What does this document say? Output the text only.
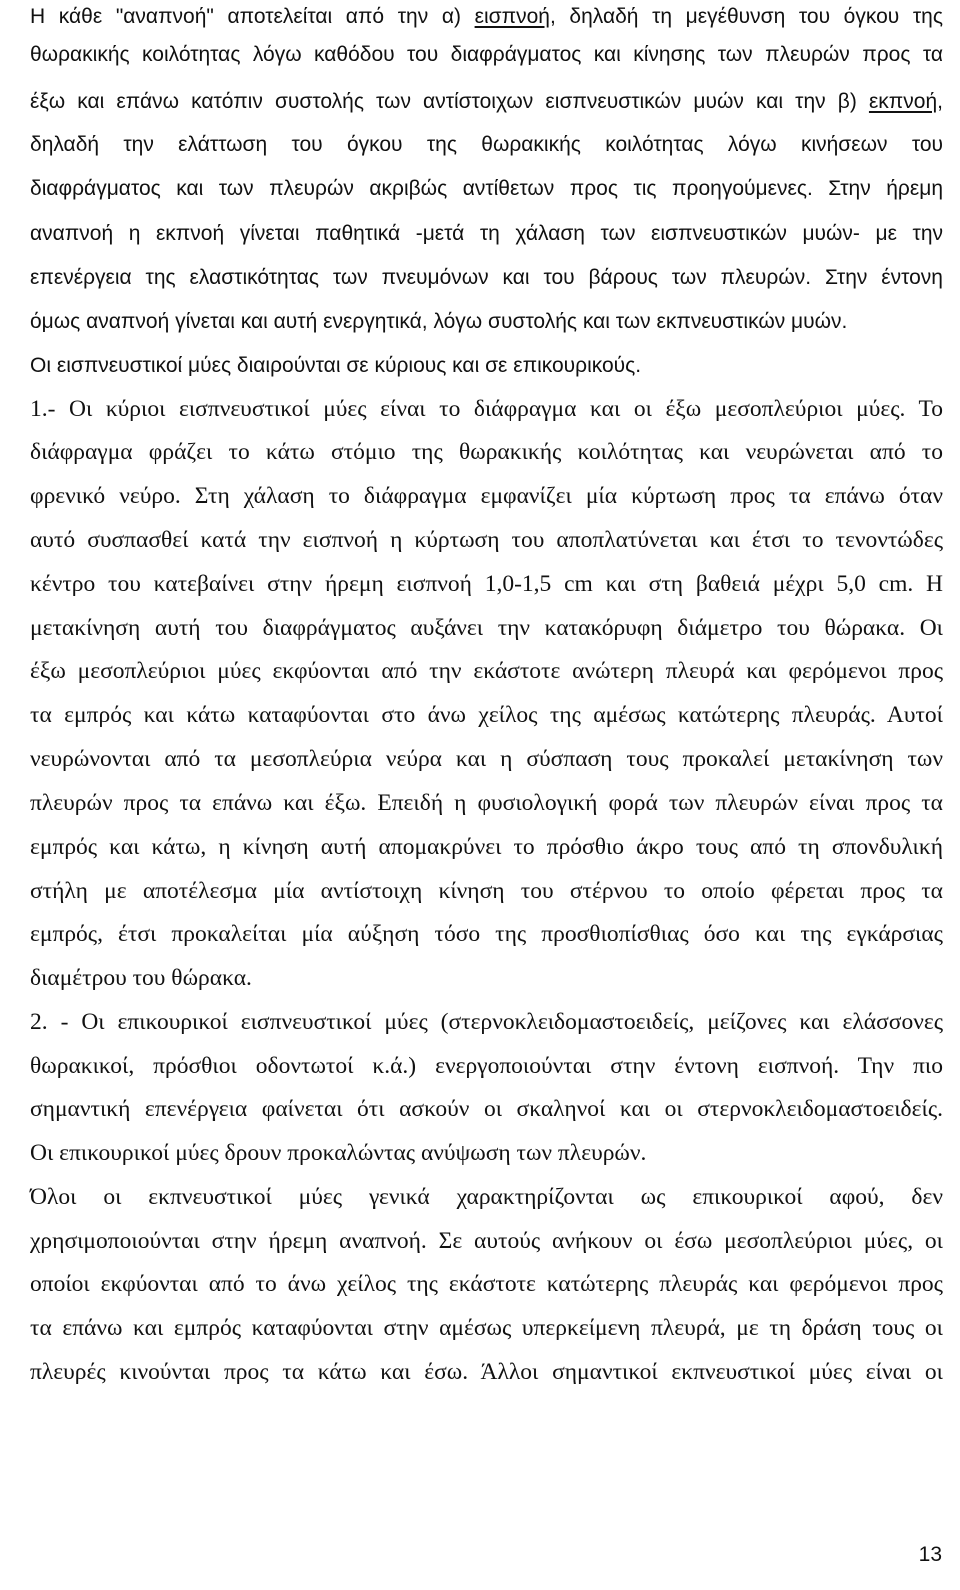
Η κάθε "αναπνοή" αποτελείται από την α) εισπνοή, δηλαδή τη μεγέθυνση του όγκου της
θωρακικής κοιλότητας λόγω καθόδου του διαφράγματος και κίνησης των πλευρών προς τα
έξω και επάνω κατόπιν συστολής των αντίστοιχων εισπνευστικών μυών και την β) εκπνοή,
δηλαδή την ελάττωση του όγκου της θωρακικής κοιλότητας λόγω κινήσεων του
διαφράγματος και των πλευρών ακριβώς αντίθετων προς τις προηγούμενες. Στην ήρεμη
αναπνοή η εκπνοή γίνεται παθητικά -μετά τη χάλαση των εισπνευστικών μυών- με την
επενέργεια της ελαστικότητας των πνευμόνων και του βάρους των πλευρών. Στην έντονη
όμως αναπνοή γίνεται και αυτή ενεργητικά, λόγω συστολής και των εκπνευστικών μυών.
Οι εισπνευστικοί μύες διαιρούνται σε κύριους και σε επικουρικούς.
1.- Οι κύριοι εισπνευστικοί μύες είναι το διάφραγμα και οι έξω μεσοπλεύριοι μύες. Το
διάφραγμα φράζει το κάτω στόμιο της θωρακικής κοιλότητας και νευρώνεται από το
φρενικό νεύρο. Στη χάλαση το διάφραγμα εμφανίζει μία κύρτωση προς τα επάνω όταν
αυτό συσπασθεί κατά την εισπνοή η κύρτωση του αποπλατύνεται και έτσι το τενοντώδες
κέντρο του κατεβαίνει στην ήρεμη εισπνοή 1,0-1,5 cm και στη βαθειά μέχρι 5,0 cm. Η
μετακίνηση αυτή του διαφράγματος αυξάνει την κατακόρυφη διάμετρο του θώρακα. Οι
έξω μεσοπλεύριοι μύες εκφύονται από την εκάστοτε ανώτερη πλευρά και φερόμενοι προς
τα εμπρός και κάτω καταφύονται στο άνω χείλος της αμέσως κατώτερης πλευράς. Αυτοί
νευρώνονται από τα μεσοπλεύρια νεύρα και η σύσπαση τους προκαλεί μετακίνηση των
πλευρών προς τα επάνω και έξω. Επειδή η φυσιολογική φορά των πλευρών είναι προς τα
εμπρός και κάτω, η κίνηση αυτή απομακρύνει το πρόσθιο άκρο τους από τη σπονδυλική
στήλη με αποτέλεσμα μία αντίστοιχη κίνηση του στέρνου το οποίο φέρεται προς τα
εμπρός, έτσι προκαλείται μία αύξηση τόσο της προσθιοπίσθιας όσο και της εγκάρσιας
διαμέτρου του θώρακα.
2. - Οι επικουρικοί εισπνευστικοί μύες (στερνοκλειδομαστοειδείς, μείζονες και ελάσσονες
θωρακικοί, πρόσθιοι οδοντωτοί κ.ά.) ενεργοποιούνται στην έντονη εισπνοή. Την πιο
σημαντική επενέργεια φαίνεται ότι ασκούν οι σκαληνοί και οι στερνοκλειδομαστοειδείς.
Οι επικουρικοί μύες δρουν προκαλώντας ανύψωση των πλευρών.
Όλοι οι εκπνευστικοί μύες γενικά χαρακτηρίζονται ως επικουρικοί αφού, δεν
χρησιμοποιούνται στην ήρεμη αναπνοή. Σε αυτούς ανήκουν οι έσω μεσοπλεύριοι μύες, οι
οποίοι εκφύονται από το άνω χείλος της εκάστοτε κατώτερης πλευράς και φερόμενοι προς
τα επάνω και εμπρός καταφύονται στην αμέσως υπερκείμενη πλευρά, με τη δράση τους οι
πλευρές κινούνται προς τα κάτω και έσω. Άλλοι σημαντικοί εκπνευστικοί μύες είναι οι
13
